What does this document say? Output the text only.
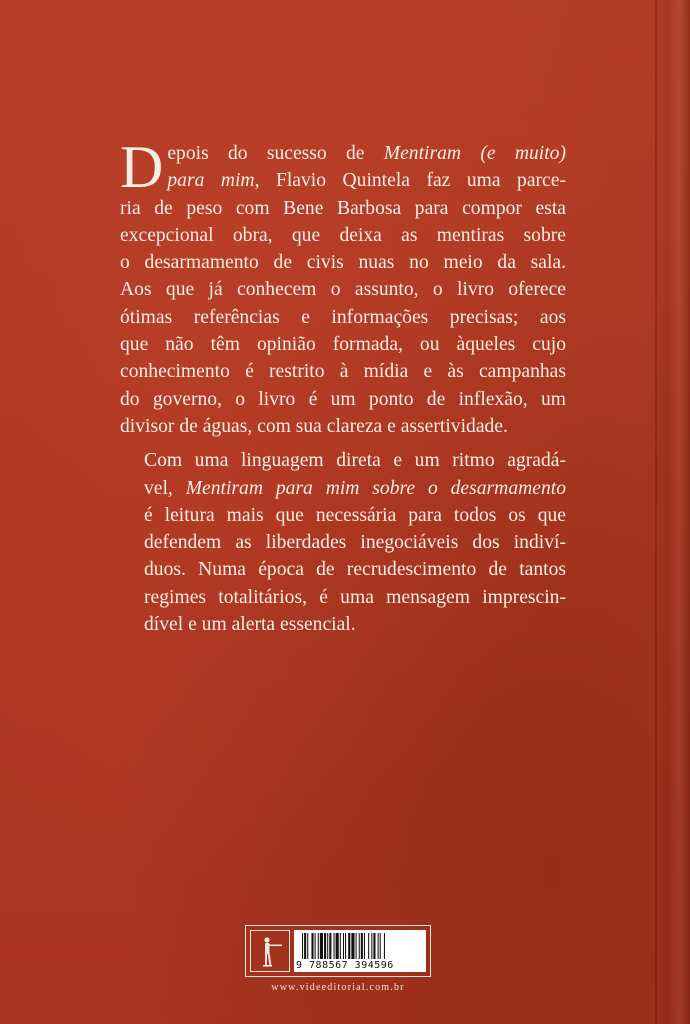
D epois do sucesso de Mentiram (e muito)
para mim, Flavio Quintela faz uma parce-
ria de peso com Bene Barbosa para compor esta
excepcional obra, que deixa as mentiras sobre
o desarmamento de civis nuas no meio da sala.
Aos que já conhecem o assunto, o livro oferece
ótimas referências e informações precisas; aos
que não têm opinião formada, ou àqueles cujo
conhecimento é restrito à mídia e às campanhas
do governo, o livro é um ponto de inflexão, um
divisor de águas, com sua clareza e assertividade.
Com uma linguagem direta e um ritmo agradá-
vel, Mentiram para mim sobre o desarmamento
é leitura mais que necessária para todos os que
defendem as liberdades inegociáveis dos indiví-
duos. Numa época de recrudescimento de tantos
regimes totalitários, é uma mensagem imprescin-
dível e um alerta essencial.
9 788567 394596
www.videeditorial.com.br
